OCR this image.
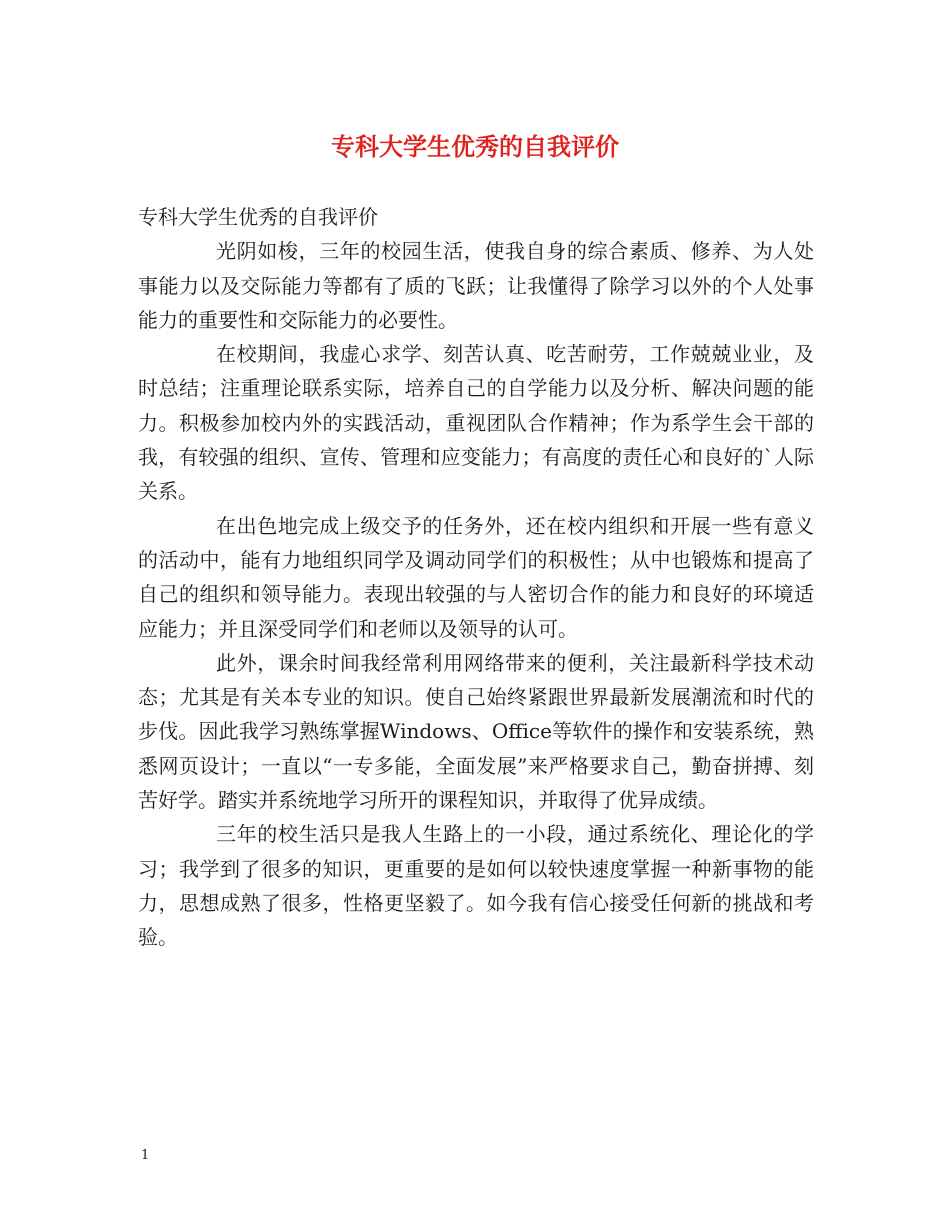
专科大学生优秀的自我评价

专科大学生优秀的自我评价

光阴如梭，三年的校园生活，使我自身的综合素质、修养、为人处事能力以及交际能力等都有了质的飞跃；让我懂得了除学习以外的个人处事能力的重要性和交际能力的必要性。

在校期间，我虚心求学、刻苦认真、吃苦耐劳，工作兢兢业业，及时总结；注重理论联系实际，培养自己的自学能力以及分析、解决问题的能力。积极参加校内外的实践活动，重视团队合作精神；作为系学生会干部的我，有较强的组织、宣传、管理和应变能力；有高度的责任心和良好的`人际关系。

在出色地完成上级交予的任务外，还在校内组织和开展一些有意义的活动中，能有力地组织同学及调动同学们的积极性；从中也锻炼和提高了自己的组织和领导能力。表现出较强的与人密切合作的能力和良好的环境适应能力；并且深受同学们和老师以及领导的认可。

此外，课余时间我经常利用网络带来的便利，关注最新科学技术动态；尤其是有关本专业的知识。使自己始终紧跟世界最新发展潮流和时代的步伐。因此我学习熟练掌握Windows、Office等软件的操作和安装系统，熟悉网页设计；一直以“一专多能，全面发展”来严格要求自己，勤奋拼搏、刻苦好学。踏实并系统地学习所开的课程知识，并取得了优异成绩。

三年的校生活只是我人生路上的一小段，通过系统化、理论化的学习；我学到了很多的知识，更重要的是如何以较快速度掌握一种新事物的能力，思想成熟了很多，性格更坚毅了。如今我有信心接受任何新的挑战和考验。

1
